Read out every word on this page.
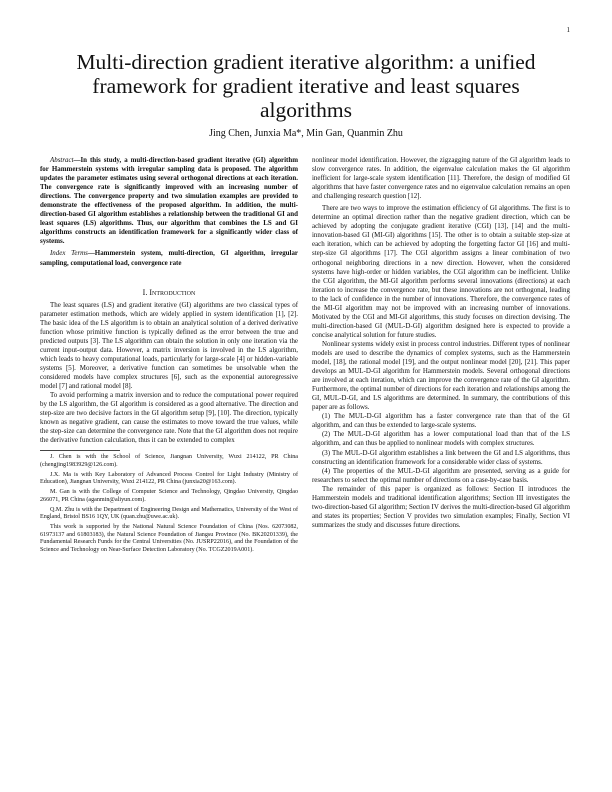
1
Multi-direction gradient iterative algorithm: a unified framework for gradient iterative and least squares algorithms
Jing Chen, Junxia Ma*, Min Gan, Quanmin Zhu

Abstract—In this study, a multi-direction-based gradient iterative (GI) algorithm for Hammerstein systems with irregular sampling data is proposed. The algorithm updates the parameter estimates using several orthogonal directions at each iteration. The convergence rate is significantly improved with an increasing number of directions. The convergence property and two simulation examples are provided to demonstrate the effectiveness of the proposed algorithm. In addition, the multi-direction-based GI algorithm establishes a relationship between the traditional GI and least squares (LS) algorithms. Thus, our algorithm that combines the LS and GI algorithms constructs an identification framework for a significantly wider class of systems.

Index Terms—Hammerstein system, multi-direction, GI algorithm, irregular sampling, computational load, convergence rate

I. Introduction

The least squares (LS) and gradient iterative (GI) algorithms are two classical types of parameter estimation methods, which are widely applied in system identification [1], [2]. The basic idea of the LS algorithm is to obtain an analytical solution of a derived derivative function whose primitive function is typically defined as the error between the true and predicted outputs [3]. The LS algorithm can obtain the solution in only one iteration via the current input-output data. However, a matrix inversion is involved in the LS algorithm, which leads to heavy computational loads, particularly for large-scale [4] or hidden-variable systems [5]. Moreover, a derivative function can sometimes be unsolvable when the considered models have complex structures [6], such as the exponential autoregressive model [7] and rational model [8].

To avoid performing a matrix inversion and to reduce the computational power required by the LS algorithm, the GI algorithm is considered as a good alternative. The direction and step-size are two decisive factors in the GI algorithm setup [9], [10]. The direction, typically known as negative gradient, can cause the estimates to move toward the true values, while the step-size can determine the convergence rate. Note that the GI algorithm does not require the derivative function calculation, thus it can be extended to complex

J. Chen is with the School of Science, Jiangnan University, Wuxi 214122, PR China (chengjing1983929@126.com).

J.X. Ma is with Key Laboratory of Advanced Process Control for Light Industry (Ministry of Education), Jiangnan University, Wuxi 214122, PR China (junxia20@163.com).

M. Gan is with the College of Computer Science and Technology, Qingdao University, Qingdao 266071, PR China (aganmin@aliyun.com).

Q.M. Zhu is with the Department of Engineering Design and Mathematics, University of the West of England, Bristol BS16 1QY, UK (quan.zhu@uwe.ac.uk).

This work is supported by the National Natural Science Foundation of China (Nos. 62073082, 61973137 and 61803183), the Natural Science Foundation of Jiangsu Province (No. BK20201339), the Fundamental Research Funds for the Central Universities (No. JUSRP22016), and the Foundation of the Science and Technology on Near-Surface Detection Laboratory (No. TCGZ2019A001).

nonlinear model identification. However, the zigzagging nature of the GI algorithm leads to slow convergence rates. In addition, the eigenvalue calculation makes the GI algorithm inefficient for large-scale system identification [11]. Therefore, the design of modified GI algorithms that have faster convergence rates and no eigenvalue calculation remains an open and challenging research question [12].

There are two ways to improve the estimation efficiency of GI algorithms. The first is to determine an optimal direction rather than the negative gradient direction, which can be achieved by adopting the conjugate gradient iterative (CGI) [13], [14] and the multi-innovation-based GI (MI-GI) algorithms [15]. The other is to obtain a suitable step-size at each iteration, which can be achieved by adopting the forgetting factor GI [16] and multi-step-size GI algorithms [17]. The CGI algorithm assigns a linear combination of two orthogonal neighboring directions in a new direction. However, when the considered systems have high-order or hidden variables, the CGI algorithm can be inefficient. Unlike the CGI algorithm, the MI-GI algorithm performs several innovations (directions) at each iteration to increase the convergence rate, but these innovations are not orthogonal, leading to the lack of confidence in the number of innovations. Therefore, the convergence rates of the MI-GI algorithm may not be improved with an increasing number of innovations. Motivated by the CGI and MI-GI algorithms, this study focuses on direction devising. The multi-direction-based GI (MUL-D-GI) algorithm designed here is expected to provide a concise analytical solution for future studies.

Nonlinear systems widely exist in process control industries. Different types of nonlinear models are used to describe the dynamics of complex systems, such as the Hammerstein model, [18], the rational model [19], and the output nonlinear model [20], [21]. This paper develops an MUL-D-GI algorithm for Hammerstein models. Several orthogonal directions are involved at each iteration, which can improve the convergence rate of the GI algorithm. Furthermore, the optimal number of directions for each iteration and relationships among the GI, MUL-D-GI, and LS algorithms are determined. In summary, the contributions of this paper are as follows.

(1) The MUL-D-GI algorithm has a faster convergence rate than that of the GI algorithm, and can thus be extended to large-scale systems.

(2) The MUL-D-GI algorithm has a lower computational load than that of the LS algorithm, and can thus be applied to nonlinear models with complex structures.

(3) The MUL-D-GI algorithm establishes a link between the GI and LS algorithms, thus constructing an identification framework for a considerable wider class of systems.

(4) The properties of the MUL-D-GI algorithm are presented, serving as a guide for researchers to select the optimal number of directions on a case-by-case basis.

The remainder of this paper is organized as follows: Section II introduces the Hammerstein models and traditional identification algorithms; Section III investigates the two-direction-based GI algorithm; Section IV derives the multi-direction-based GI algorithm and states its properties; Section V provides two simulation examples; Finally, Section VI summarizes the study and discusses future directions.
